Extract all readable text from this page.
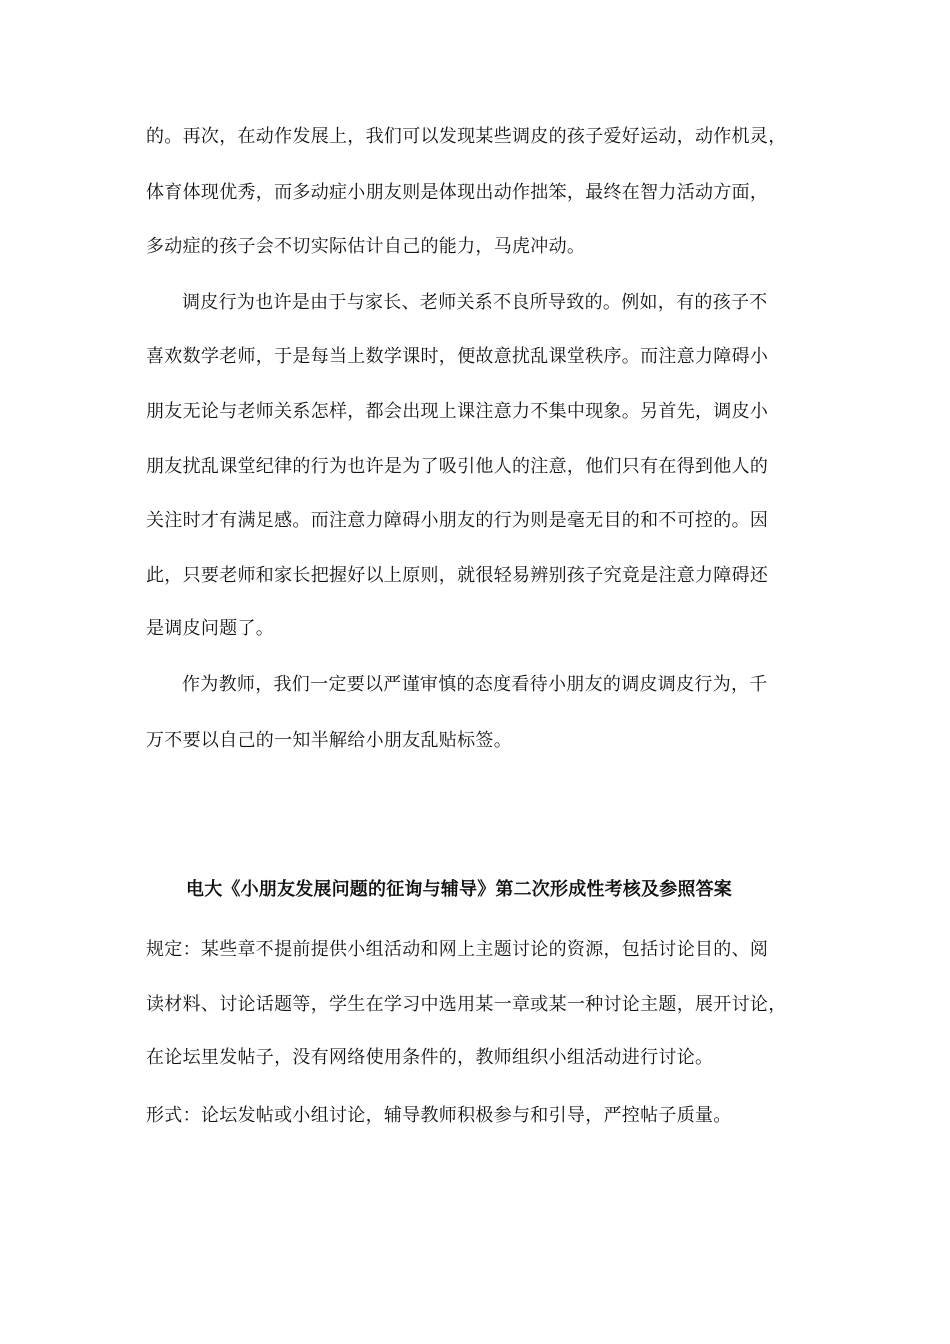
的。再次，在动作发展上，我们可以发现某些调皮的孩子爱好运动，动作机灵，
体育体现优秀，而多动症小朋友则是体现出动作拙笨，最终在智力活动方面，
多动症的孩子会不切实际估计自己的能力，马虎冲动。
调皮行为也许是由于与家长、老师关系不良所导致的。例如，有的孩子不
喜欢数学老师，于是每当上数学课时，便故意扰乱课堂秩序。而注意力障碍小
朋友无论与老师关系怎样，都会出现上课注意力不集中现象。另首先，调皮小
朋友扰乱课堂纪律的行为也许是为了吸引他人的注意，他们只有在得到他人的
关注时才有满足感。而注意力障碍小朋友的行为则是毫无目的和不可控的。因
此，只要老师和家长把握好以上原则，就很轻易辨别孩子究竟是注意力障碍还
是调皮问题了。
作为教师，我们一定要以严谨审慎的态度看待小朋友的调皮调皮行为，千
万不要以自己的一知半解给小朋友乱贴标签。
电大《小朋友发展问题的征询与辅导》第二次形成性考核及参照答案
规定：某些章不提前提供小组活动和网上主题讨论的资源，包括讨论目的、阅
读材料、讨论话题等，学生在学习中选用某一章或某一种讨论主题，展开讨论，
在论坛里发帖子，没有网络使用条件的，教师组织小组活动进行讨论。
形式：论坛发帖或小组讨论，辅导教师积极参与和引导，严控帖子质量。
